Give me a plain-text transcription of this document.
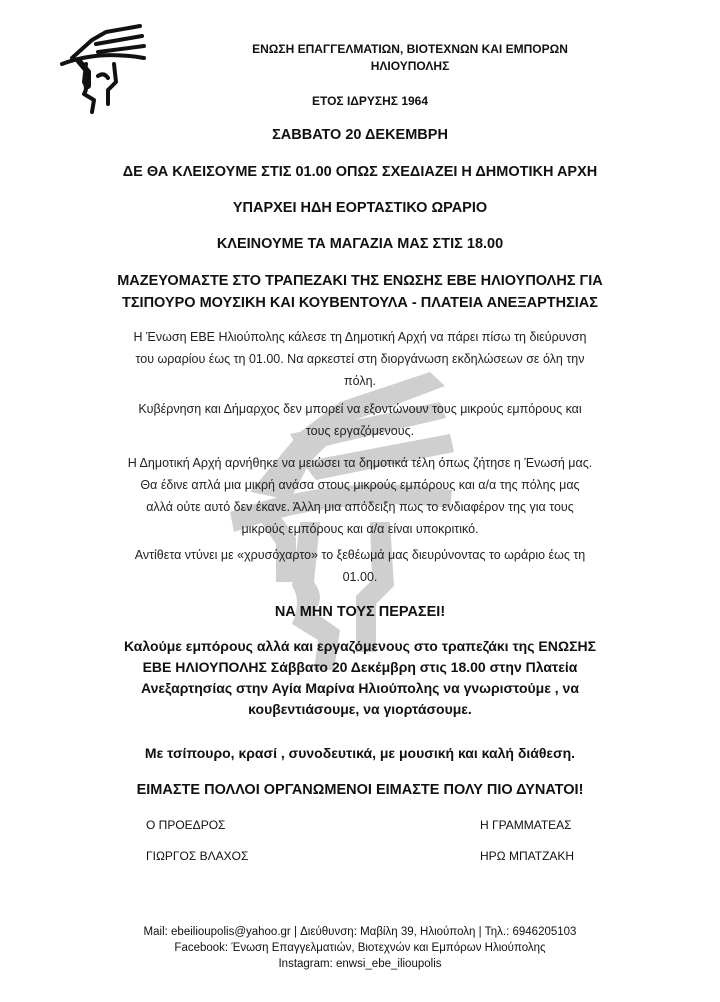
ΕΝΩΣΗ ΕΠΑΓΓΕΛΜΑΤΙΩΝ, ΒΙΟΤΕΧΝΩΝ ΚΑΙ ΕΜΠΟΡΩΝ
ΗΛΙΟΥΠΟΛΗΣ
ΕΤΟΣ ΙΔΡΥΣΗΣ 1964
ΣΑΒΒΑΤΟ 20 ΔΕΚΕΜΒΡΗ
ΔΕ ΘΑ ΚΛΕΙΣΟΥΜΕ ΣΤΙΣ 01.00 ΟΠΩΣ ΣΧΕΔΙΑΖΕΙ Η ΔΗΜΟΤΙΚΗ ΑΡΧΗ
ΥΠΑΡΧΕΙ ΗΔΗ ΕΟΡΤΑΣΤΙΚΟ ΩΡΑΡΙΟ
ΚΛΕΙΝΟΥΜΕ ΤΑ ΜΑΓΑΖΙΑ ΜΑΣ ΣΤΙΣ 18.00
ΜΑΖΕΥΟΜΑΣΤΕ ΣΤΟ ΤΡΑΠΕΖΑΚΙ ΤΗΣ ΕΝΩΣΗΣ ΕΒΕ ΗΛΙΟΥΠΟΛΗΣ ΓΙΑ
ΤΣΙΠΟΥΡΟ ΜΟΥΣΙΚΗ ΚΑΙ ΚΟΥΒΕΝΤΟΥΛΑ - ΠΛΑΤΕΙΑ ΑΝΕΞΑΡΤΗΣΙΑΣ
Η Ένωση ΕΒΕ Ηλιούπολης κάλεσε τη Δημοτική Αρχή να πάρει πίσω τη διεύρυνση
του ωραρίου έως τη 01.00. Να αρκεστεί στη διοργάνωση εκδηλώσεων σε όλη την
πόλη.
Κυβέρνηση και Δήμαρχος δεν μπορεί να εξοντώνουν τους μικρούς εμπόρους και
τους εργαζόμενους.
Η Δημοτική Αρχή αρνήθηκε να μειώσει τα δημοτικά τέλη όπως ζήτησε η Ένωσή μας.
Θα έδινε απλά μια μικρή ανάσα στους μικρούς εμπόρους και α/α της πόλης μας
αλλά ούτε αυτό δεν έκανε. Άλλη μια απόδειξη πως το ενδιαφέρον της για τους
μικρούς εμπόρους και α/α είναι υποκριτικό.
Αντίθετα ντύνει με «χρυσόχαρτο» το ξεθέωμά μας διευρύνοντας το ωράριο έως τη
01.00.
ΝΑ ΜΗΝ ΤΟΥΣ ΠΕΡΑΣΕΙ!
Καλούμε εμπόρους αλλά και εργαζόμενους στο τραπεζάκι της ΕΝΩΣΗΣ
ΕΒΕ ΗΛΙΟΥΠΟΛΗΣ Σάββατο 20 Δεκέμβρη στις 18.00 στην Πλατεία
Ανεξαρτησίας στην Αγία Μαρίνα Ηλιούπολης να γνωριστούμε , να
κουβεντιάσουμε, να γιορτάσουμε.
Με τσίπουρο, κρασί , συνοδευτικά, με μουσική και καλή διάθεση.
ΕΙΜΑΣΤΕ ΠΟΛΛΟΙ ΟΡΓΑΝΩΜΕΝΟΙ ΕΙΜΑΣΤΕ ΠΟΛΥ ΠΙΟ ΔΥΝΑΤΟΙ!
Ο ΠΡΟΕΔΡΟΣ
ΓΙΩΡΓΟΣ ΒΛΑΧΟΣ
Η ΓΡΑΜΜΑΤΕΑΣ
ΗΡΩ ΜΠΑΤΖΑΚΗ
Mail: ebeilioupolis@yahoo.gr | Διεύθυνση: Μαβίλη 39, Ηλιούπολη | Τηλ.: 6946205103
Facebook: Ένωση Επαγγελματιών, Βιοτεχνών και Εμπόρων Ηλιούπολης
Instagram: enwsi_ebe_ilioupolis
